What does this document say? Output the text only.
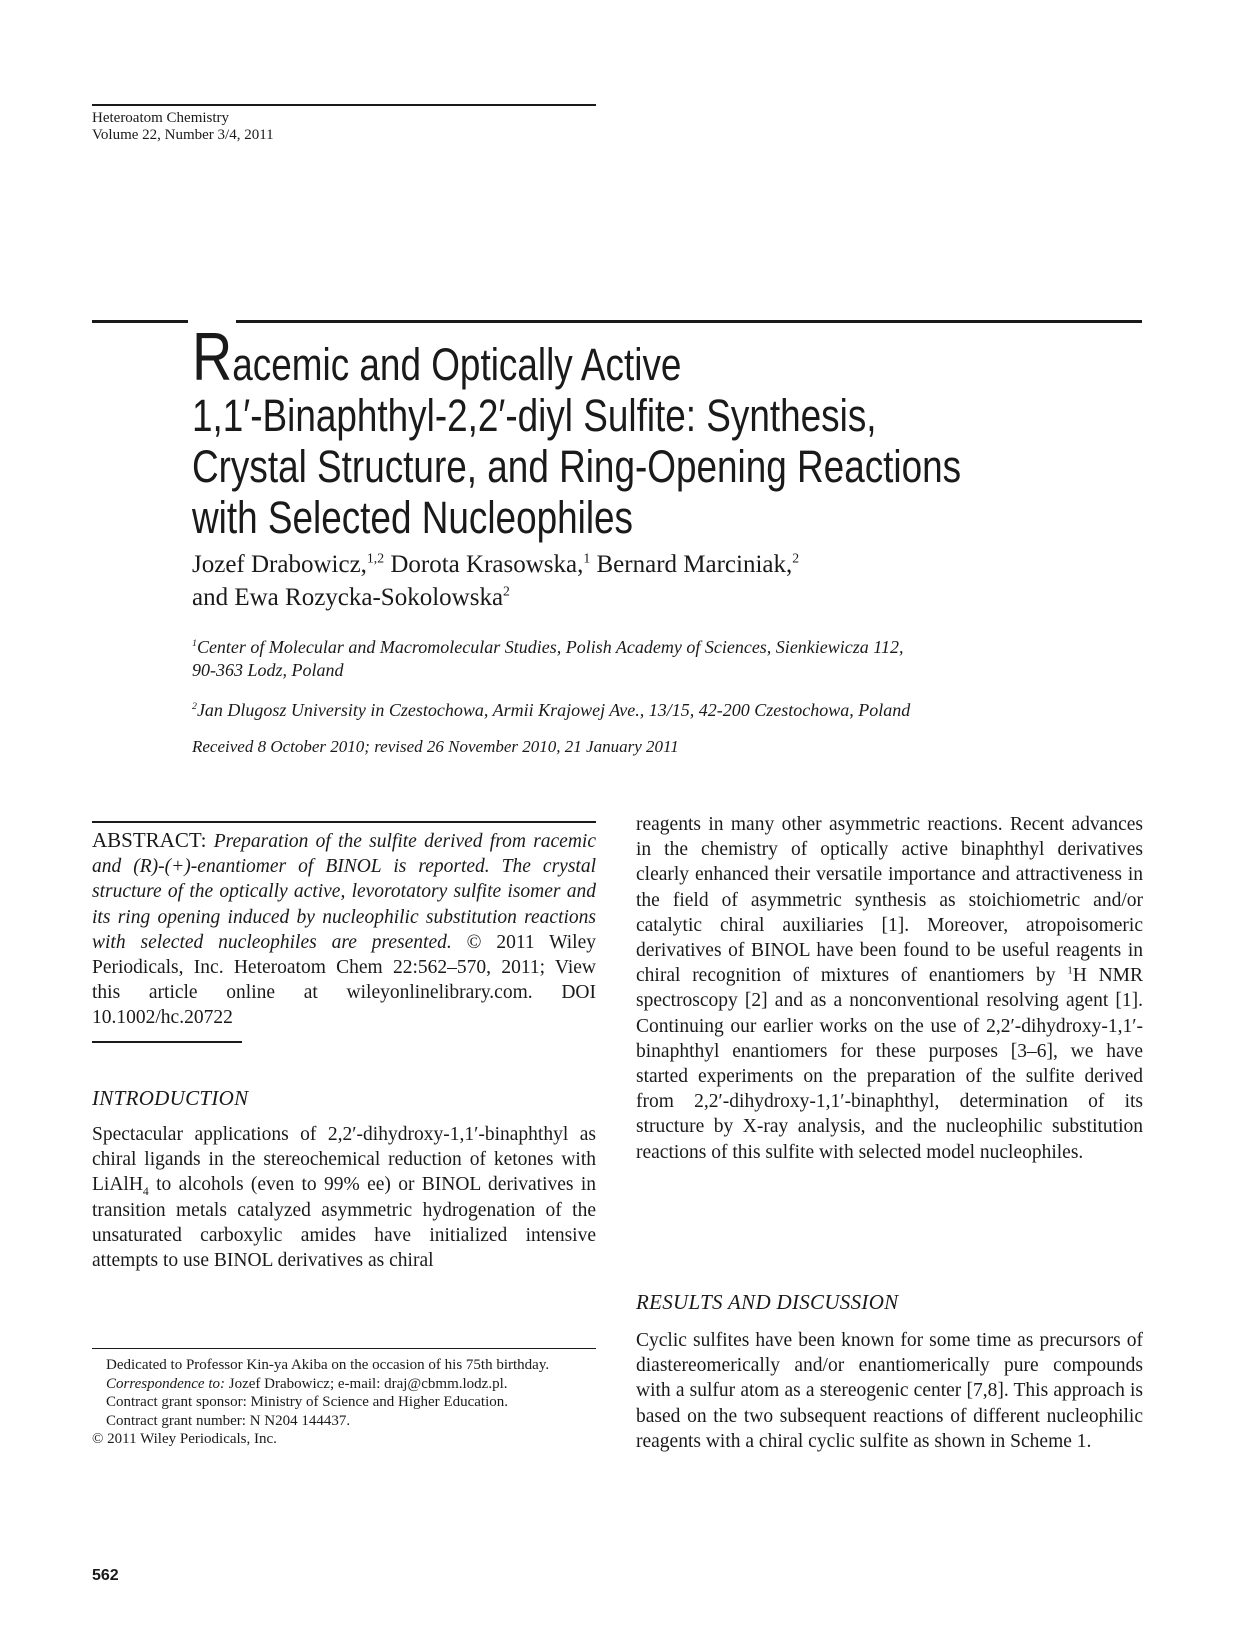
Heteroatom Chemistry
Volume 22, Number 3/4, 2011
Racemic and Optically Active
1,1′-Binaphthyl-2,2′-diyl Sulfite: Synthesis,
Crystal Structure, and Ring-Opening Reactions
with Selected Nucleophiles
Jozef Drabowicz,$^{1,2}$ Dorota Krasowska,$^1$ Bernard Marciniak,$^2$
and Ewa Rozycka-Sokolowska$^2$
$^1$Center of Molecular and Macromolecular Studies, Polish Academy of Sciences, Sienkiewicza 112,
90-363 Lodz, Poland
$^2$Jan Dlugosz University in Czestochowa, Armii Krajowej Ave., 13/15, 42-200 Czestochowa, Poland
Received 8 October 2010; revised 26 November 2010, 21 January 2011
ABSTRACT: Preparation of the sulfite derived from racemic and (R)-(+)-enantiomer of BINOL is reported. The crystal structure of the optically active, levorotatory sulfite isomer and its ring opening induced by nucleophilic substitution reactions with selected nucleophiles are presented. © 2011 Wiley Periodicals, Inc. Heteroatom Chem 22:562–570, 2011; View this article online at wileyonlinelibrary.com. DOI 10.1002/hc.20722
INTRODUCTION
Spectacular applications of 2,2′-dihydroxy-1,1′-binaphthyl as chiral ligands in the stereochemical reduction of ketones with LiAlH$_4$ to alcohols (even to 99% ee) or BINOL derivatives in transition metals catalyzed asymmetric hydrogenation of the unsaturated carboxylic amides have initialized intensive attempts to use BINOL derivatives as chiral
reagents in many other asymmetric reactions. Recent advances in the chemistry of optically active binaphthyl derivatives clearly enhanced their versatile importance and attractiveness in the field of asymmetric synthesis as stoichiometric and/or catalytic chiral auxiliaries [1]. Moreover, atropoisomeric derivatives of BINOL have been found to be useful reagents in chiral recognition of mixtures of enantiomers by $^1$H NMR spectroscopy [2] and as a nonconventional resolving agent [1]. Continuing our earlier works on the use of 2,2′-dihydroxy-1,1′-binaphthyl enantiomers for these purposes [3–6], we have started experiments on the preparation of the sulfite derived from 2,2′-dihydroxy-1,1′-binaphthyl, determination of its structure by X-ray analysis, and the nucleophilic substitution reactions of this sulfite with selected model nucleophiles.
RESULTS AND DISCUSSION
Cyclic sulfites have been known for some time as precursors of diastereomerically and/or enantiomerically pure compounds with a sulfur atom as a stereogenic center [7,8]. This approach is based on the two subsequent reactions of different nucleophilic reagents with a chiral cyclic sulfite as shown in Scheme 1.

Dedicated to Professor Kin-ya Akiba on the occasion of his 75th birthday.

Correspondence to: Jozef Drabowicz; e-mail: draj@cbmm.lodz.pl.

Contract grant sponsor: Ministry of Science and Higher Education.

Contract grant number: N N204 144437.

© 2011 Wiley Periodicals, Inc.

562
